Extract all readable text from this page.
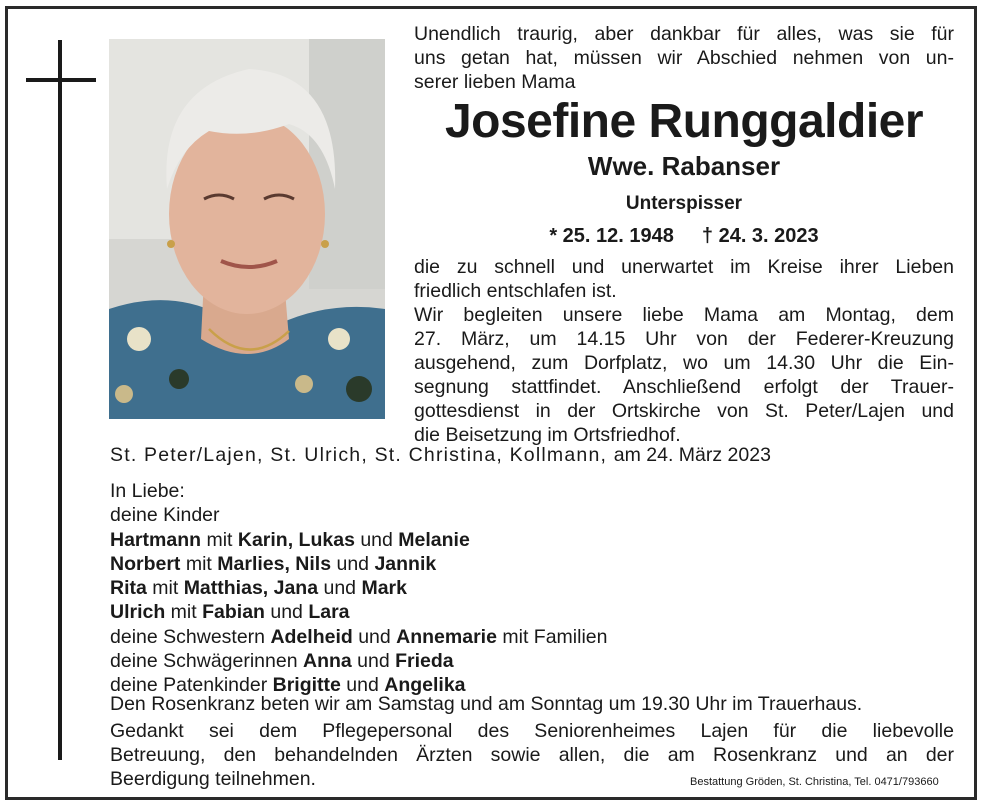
Unendlich traurig, aber dankbar für alles, was sie für
uns getan hat, müssen wir Abschied nehmen von un-
serer lieben Mama
Josefine Runggaldier
Wwe. Rabanser
Unterspisser
* 25. 12. 1948 † 24. 3. 2023
die zu schnell und unerwartet im Kreise ihrer Lieben
friedlich entschlafen ist.
Wir begleiten unsere liebe Mama am Montag, dem
27. März, um 14.15 Uhr von der Federer-Kreuzung
ausgehend, zum Dorfplatz, wo um 14.30 Uhr die Ein-
segnung stattfindet. Anschließend erfolgt der Trauer-
gottesdienst in der Ortskirche von St. Peter/Lajen und
die Beisetzung im Ortsfriedhof.
St. Peter/Lajen, St. Ulrich, St. Christina, Kollmann, am 24. März 2023
In Liebe:
deine Kinder
Hartmann mit Karin, Lukas und Melanie
Norbert mit Marlies, Nils und Jannik
Rita mit Matthias, Jana und Mark
Ulrich mit Fabian und Lara
deine Schwestern Adelheid und Annemarie mit Familien
deine Schwägerinnen Anna und Frieda
deine Patenkinder Brigitte und Angelika
Den Rosenkranz beten wir am Samstag und am Sonntag um 19.30 Uhr im Trauerhaus.
Gedankt sei dem Pflegepersonal des Seniorenheimes Lajen für die liebevolle
Betreuung, den behandelnden Ärzten sowie allen, die am Rosenkranz und an der
Beerdigung teilnehmen.	Bestattung Gröden, St. Christina, Tel. 0471/793660
